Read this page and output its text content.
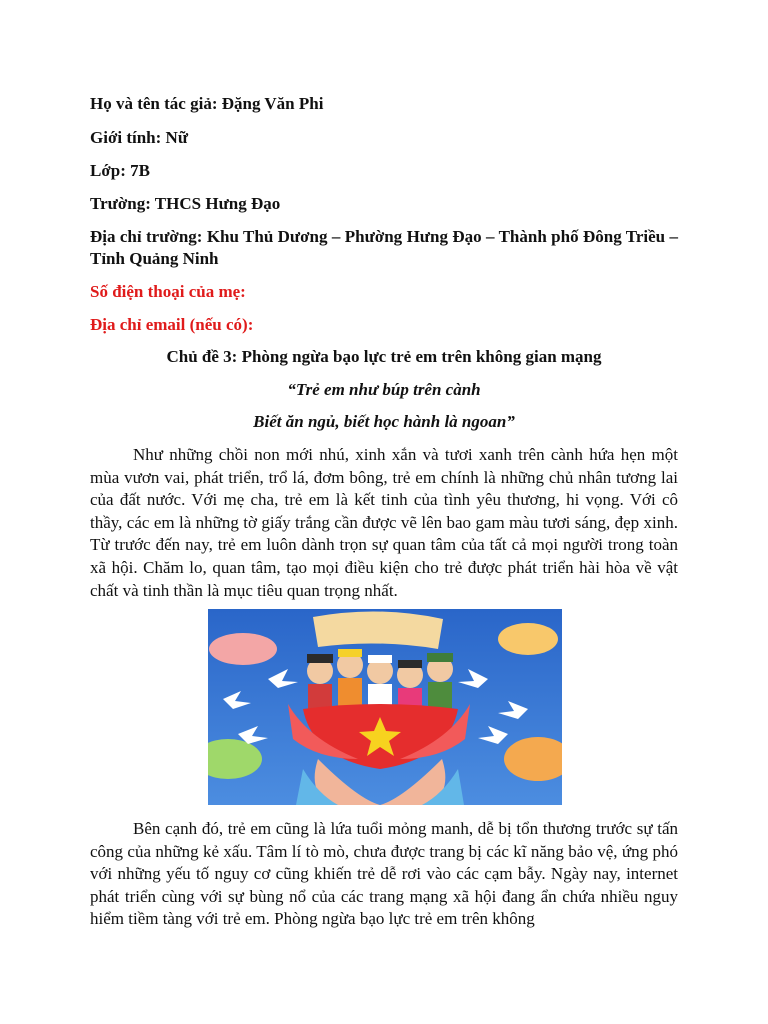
Họ và tên tác giả: Đặng Văn Phi

Giới tính: Nữ

Lớp: 7B

Trường: THCS Hưng Đạo

Địa chỉ trường: Khu Thủ Dương – Phường Hưng Đạo – Thành phố Đông Triều – Tỉnh Quảng Ninh

Số điện thoại của mẹ:

Địa chỉ email (nếu có):

Chủ đề 3: Phòng ngừa bạo lực trẻ em trên không gian mạng

“Trẻ em như búp trên cành

Biết ăn ngủ, biết học hành là ngoan”

Như những chồi non mới nhú, xinh xắn và tươi xanh trên cành hứa hẹn một mùa vươn vai, phát triển, trổ lá, đơm bông, trẻ em chính là những chủ nhân tương lai của đất nước. Với mẹ cha, trẻ em là kết tinh của tình yêu thương, hi vọng. Với cô thầy, các em là những tờ giấy trắng cần được vẽ lên bao gam màu tươi sáng, đẹp xinh. Từ trước đến nay, trẻ em luôn dành trọn sự quan tâm của tất cả mọi người trong toàn xã hội. Chăm lo, quan tâm, tạo mọi điều kiện cho trẻ được phát triển hài hòa về vật chất và tinh thần là mục tiêu quan trọng nhất.

Bên cạnh đó, trẻ em cũng là lứa tuổi mỏng manh, dễ bị tổn thương trước sự tấn công của những kẻ xấu. Tâm lí tò mò, chưa được trang bị các kĩ năng bảo vệ, ứng phó với những yếu tố nguy cơ cũng khiến trẻ dễ rơi vào các cạm bẫy. Ngày nay, internet phát triển cùng với sự bùng nổ của các trang mạng xã hội đang ẩn chứa nhiều nguy hiểm tiềm tàng với trẻ em. Phòng ngừa bạo lực trẻ em trên không
